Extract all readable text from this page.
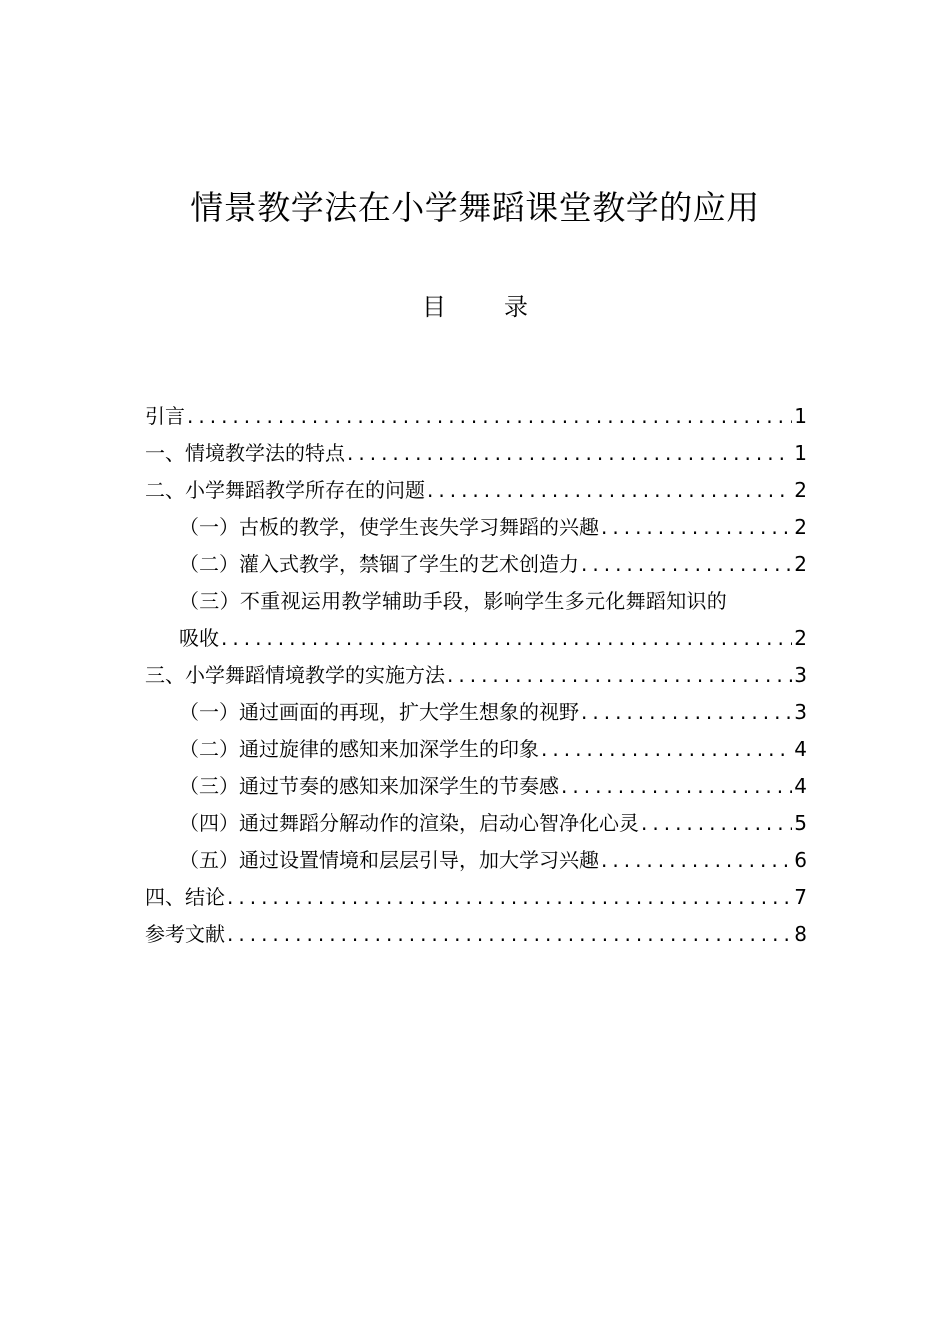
情景教学法在小学舞蹈课堂教学的应用
目 录
引言 .....	1
一、情境教学法的特点 .....	1
二、小学舞蹈教学所存在的问题 .....	2
（一）古板的教学，使学生丧失学习舞蹈的兴趣 .....	2
（二）灌入式教学，禁锢了学生的艺术创造力 .....	2
（三）不重视运用教学辅助手段，影响学生多元化舞蹈知识的
吸收 .....	2
三、小学舞蹈情境教学的实施方法 .....	3
（一）通过画面的再现，扩大学生想象的视野 .....	3
（二）通过旋律的感知来加深学生的印象 .....	4
（三）通过节奏的感知来加深学生的节奏感 .....	4
（四）通过舞蹈分解动作的渲染，启动心智净化心灵 .....	5
（五）通过设置情境和层层引导，加大学习兴趣 .....	6
四、结论 .....	7
参考文献 .....	8
